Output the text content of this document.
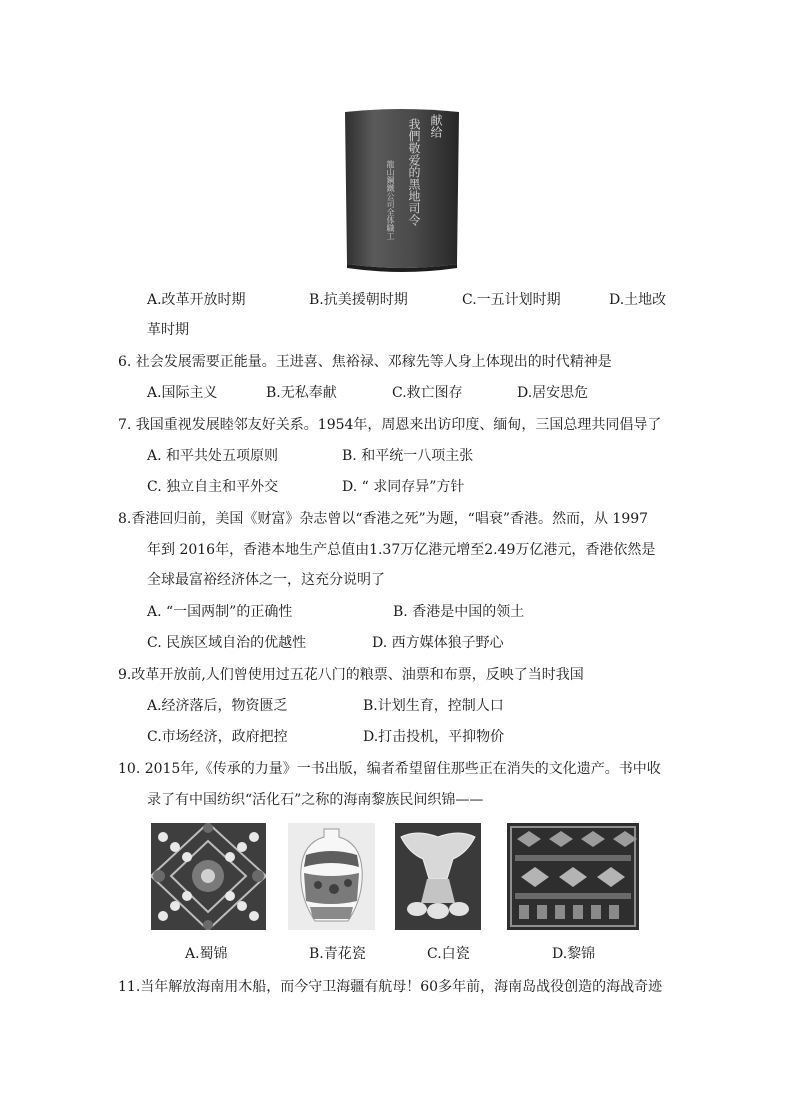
献给
我們敬爱的黑地司令
龍山鋼鐵公司全体職工
A.改革开放时期	B.抗美援朝时期	C.一五计划时期	D.土地改
革时期
6. 社会发展需要正能量。王进喜、焦裕禄、邓稼先等人身上体现出的时代精神是
A.国际主义	B.无私奉献	C.救亡图存	D.居安思危
7. 我国重视发展睦邻友好关系。1954年，周恩来出访印度、缅甸，三国总理共同倡导了
A. 和平共处五项原则	B. 和平统一八项主张
C. 独立自主和平外交	D. “ 求同存异”方针
8.香港回归前，美国《财富》杂志曾以“香港之死”为题，“唱衰”香港。然而，从 1997
年到 2016年，香港本地生产总值由1.37万亿港元增至2.49万亿港元，香港依然是
全球最富裕经济体之一，这充分说明了
A. “一国两制”的正确性	B. 香港是中国的领土
C. 民族区域自治的优越性	D. 西方媒体狼子野心
9.改革开放前,人们曾使用过五花八门的粮票、油票和布票，反映了当时我国
A.经济落后，物资匮乏	B.计划生育，控制人口
C.市场经济，政府把控	D.打击投机，平抑物价
10. 2015年,《传承的力量》一书出版，编者希望留住那些正在消失的文化遗产。书中收
录了有中国纺织“活化石”之称的海南黎族民间织锦——
A.蜀锦	B.青花瓷	C.白瓷	D.黎锦
11.当年解放海南用木船，而今守卫海疆有航母！60多年前，海南岛战役创造的海战奇迹
